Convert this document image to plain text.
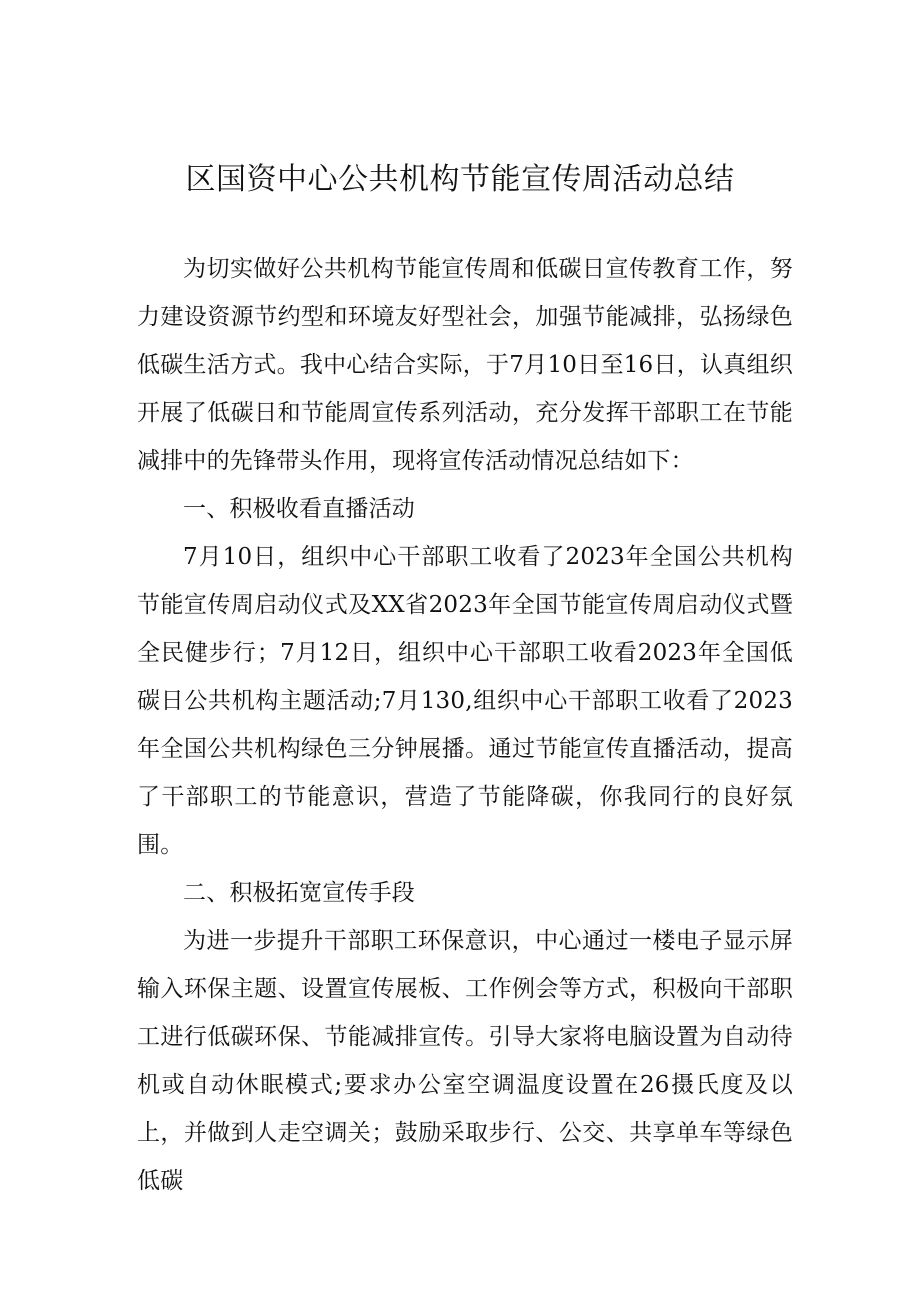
区国资中心公共机构节能宣传周活动总结

为切实做好公共机构节能宣传周和低碳日宣传教育工作，努力建设资源节约型和环境友好型社会，加强节能减排，弘扬绿色低碳生活方式。我中心结合实际，于7月10日至16日，认真组织开展了低碳日和节能周宣传系列活动，充分发挥干部职工在节能减排中的先锋带头作用，现将宣传活动情况总结如下：

一、积极收看直播活动

7月10日，组织中心干部职工收看了2023年全国公共机构节能宣传周启动仪式及XX省2023年全国节能宣传周启动仪式暨全民健步行；7月12日，组织中心干部职工收看2023年全国低碳日公共机构主题活动;7月130,组织中心干部职工收看了2023年全国公共机构绿色三分钟展播。通过节能宣传直播活动，提高了干部职工的节能意识，营造了节能降碳，你我同行的良好氛围。

二、积极拓宽宣传手段

为进一步提升干部职工环保意识，中心通过一楼电子显示屏输入环保主题、设置宣传展板、工作例会等方式，积极向干部职工进行低碳环保、节能减排宣传。引导大家将电脑设置为自动待机或自动休眠模式;要求办公室空调温度设置在26摄氏度及以上，并做到人走空调关；鼓励采取步行、公交、共享单车等绿色低碳
